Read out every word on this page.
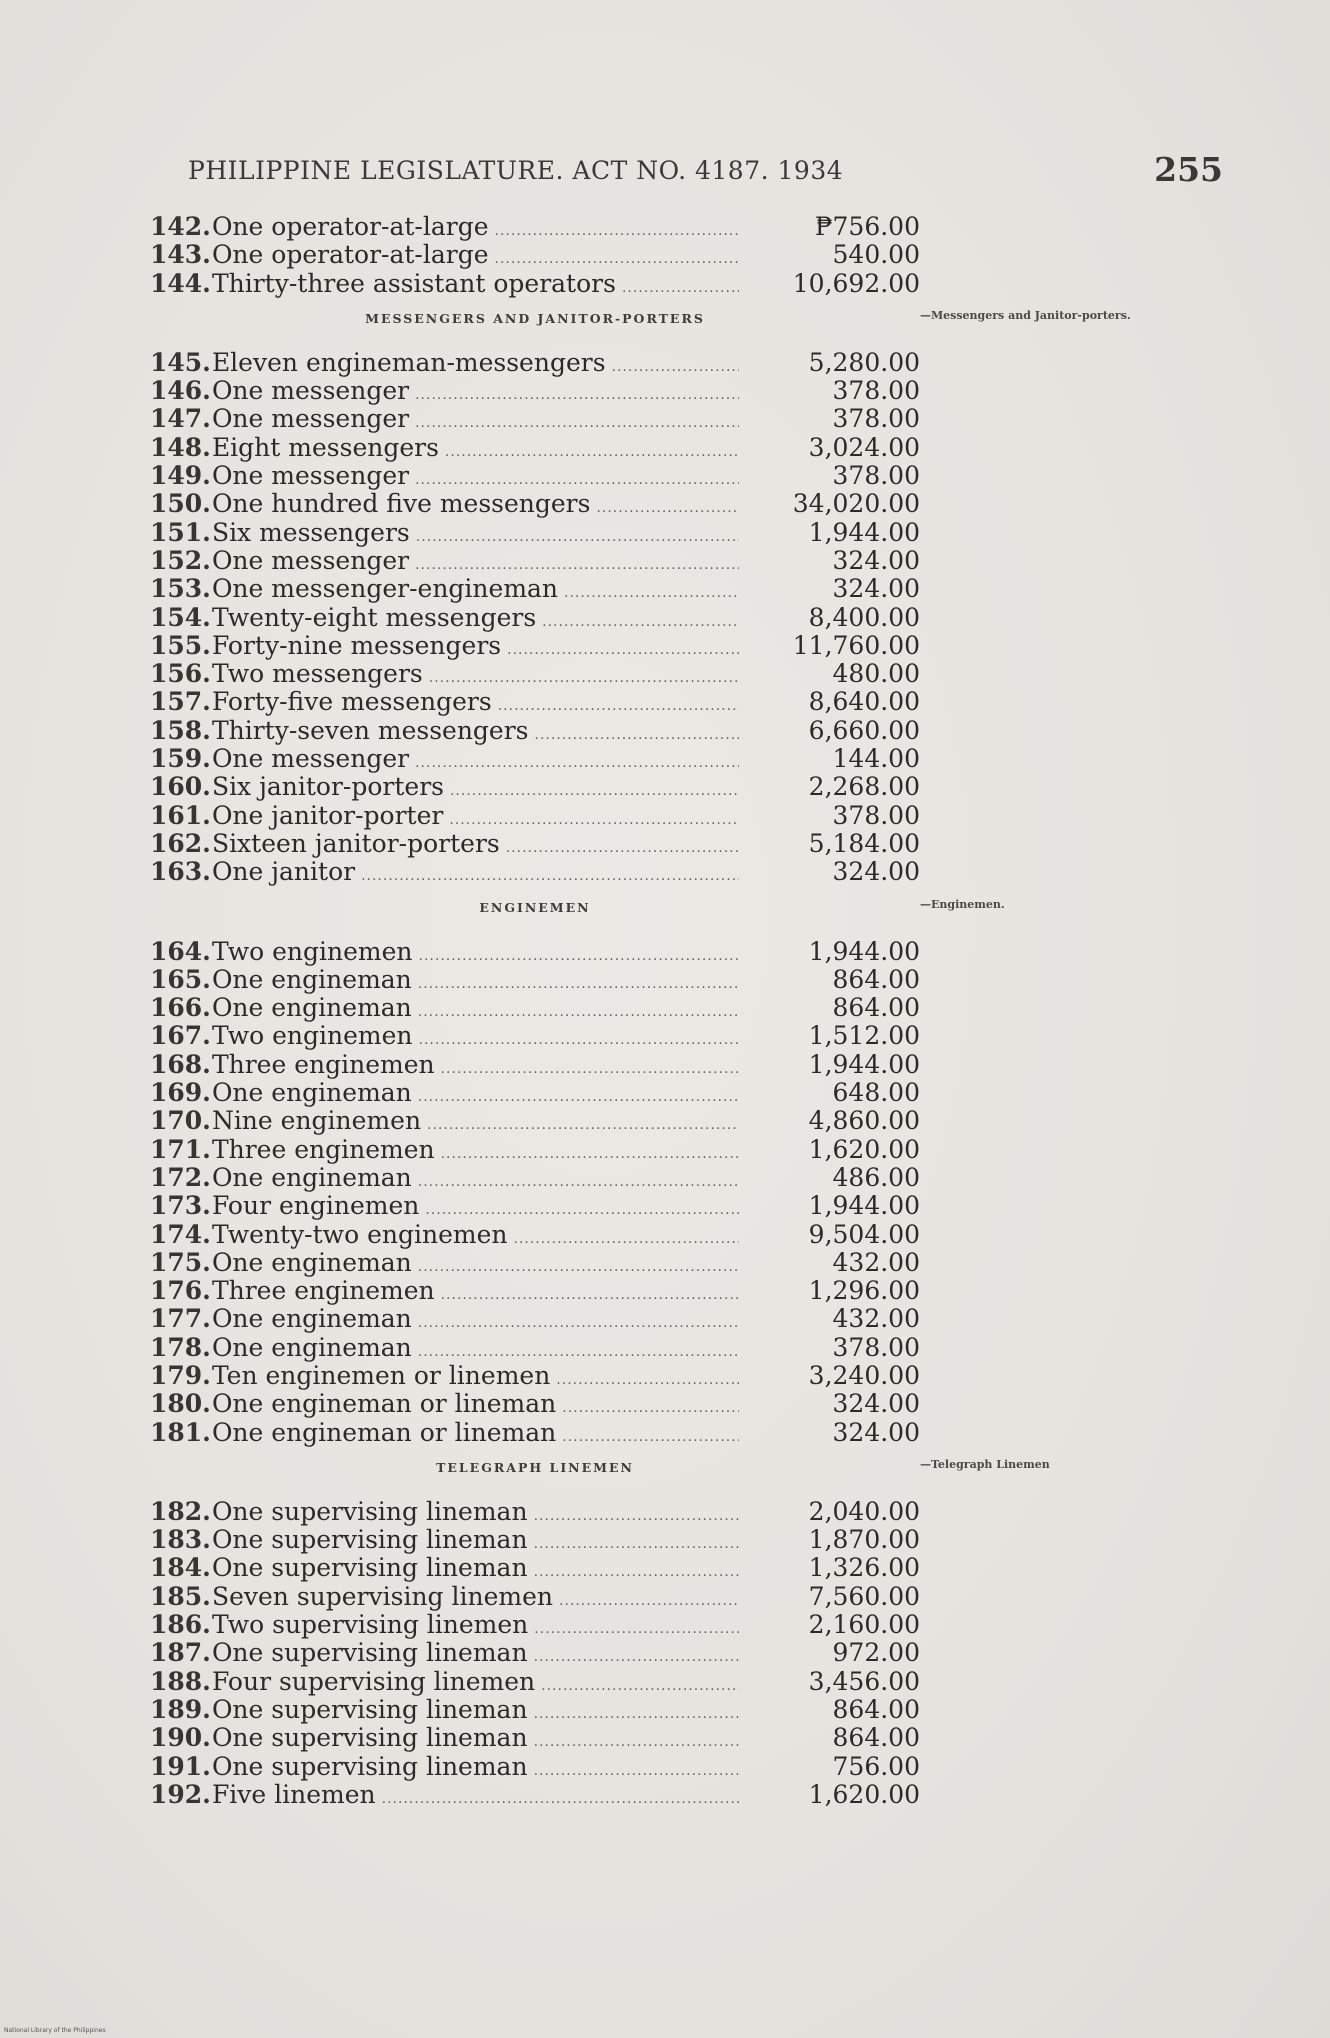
PHILIPPINE LEGISLATURE. ACT NO. 4187. 1934	255
142. One operator-at-large .....	₱756.00
143. One operator-at-large .....	540.00
144. Thirty-three assistant operators .....	10,692.00
MESSENGERS AND JANITOR-PORTERS	—Messengers and Janitor-porters.
145. Eleven engineman-messengers .....	5,280.00
146. One messenger .....	378.00
147. One messenger .....	378.00
148. Eight messengers .....	3,024.00
149. One messenger .....	378.00
150. One hundred five messengers .....	34,020.00
151. Six messengers .....	1,944.00
152. One messenger .....	324.00
153. One messenger-engineman .....	324.00
154. Twenty-eight messengers .....	8,400.00
155. Forty-nine messengers .....	11,760.00
156. Two messengers .....	480.00
157. Forty-five messengers .....	8,640.00
158. Thirty-seven messengers .....	6,660.00
159. One messenger .....	144.00
160. Six janitor-porters .....	2,268.00
161. One janitor-porter .....	378.00
162. Sixteen janitor-porters .....	5,184.00
163. One janitor .....	324.00
ENGINEMEN	—Enginemen.
164. Two enginemen .....	1,944.00
165. One engineman .....	864.00
166. One engineman .....	864.00
167. Two enginemen .....	1,512.00
168. Three enginemen .....	1,944.00
169. One engineman .....	648.00
170. Nine enginemen .....	4,860.00
171. Three enginemen .....	1,620.00
172. One engineman .....	486.00
173. Four enginemen .....	1,944.00
174. Twenty-two enginemen .....	9,504.00
175. One engineman .....	432.00
176. Three enginemen .....	1,296.00
177. One engineman .....	432.00
178. One engineman .....	378.00
179. Ten enginemen or linemen .....	3,240.00
180. One engineman or lineman .....	324.00
181. One engineman or lineman .....	324.00
TELEGRAPH LINEMEN	—Telegraph Linemen
182. One supervising lineman .....	2,040.00
183. One supervising lineman .....	1,870.00
184. One supervising lineman .....	1,326.00
185. Seven supervising linemen .....	7,560.00
186. Two supervising linemen .....	2,160.00
187. One supervising lineman .....	972.00
188. Four supervising linemen .....	3,456.00
189. One supervising lineman .....	864.00
190. One supervising lineman .....	864.00
191. One supervising lineman .....	756.00
192. Five linemen .....	1,620.00
National Library of the Philippines
